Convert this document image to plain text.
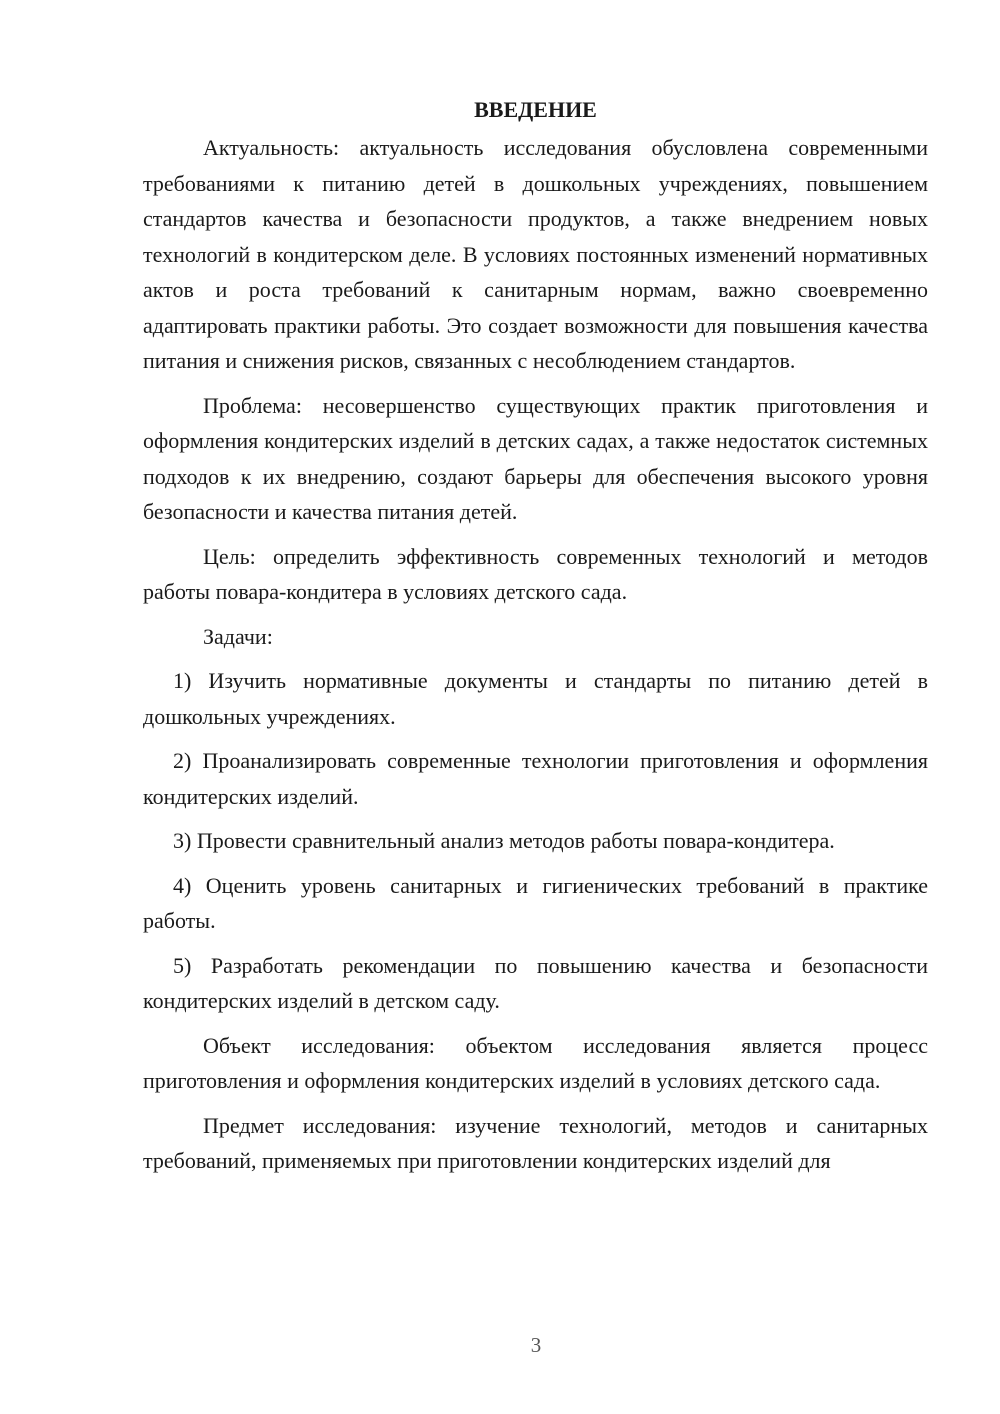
ВВЕДЕНИЕ

Актуальность: актуальность исследования обусловлена современными требованиями к питанию детей в дошкольных учреждениях, повышением стандартов качества и безопасности продуктов, а также внедрением новых технологий в кондитерском деле. В условиях постоянных изменений нормативных актов и роста требований к санитарным нормам, важно своевременно адаптировать практики работы. Это создает возможности для повышения качества питания и снижения рисков, связанных с несоблюдением стандартов.

Проблема: несовершенство существующих практик приготовления и оформления кондитерских изделий в детских садах, а также недостаток системных подходов к их внедрению, создают барьеры для обеспечения высокого уровня безопасности и качества питания детей.

Цель: определить эффективность современных технологий и методов работы повара-кондитера в условиях детского сада.

Задачи:

1) Изучить нормативные документы и стандарты по питанию детей в дошкольных учреждениях.

2) Проанализировать современные технологии приготовления и оформления кондитерских изделий.

3) Провести сравнительный анализ методов работы повара-кондитера.

4) Оценить уровень санитарных и гигиенических требований в практике работы.

5) Разработать рекомендации по повышению качества и безопасности кондитерских изделий в детском саду.

Объект исследования: объектом исследования является процесс приготовления и оформления кондитерских изделий в условиях детского сада.

Предмет исследования: изучение технологий, методов и санитарных требований, применяемых при приготовлении кондитерских изделий для

3
